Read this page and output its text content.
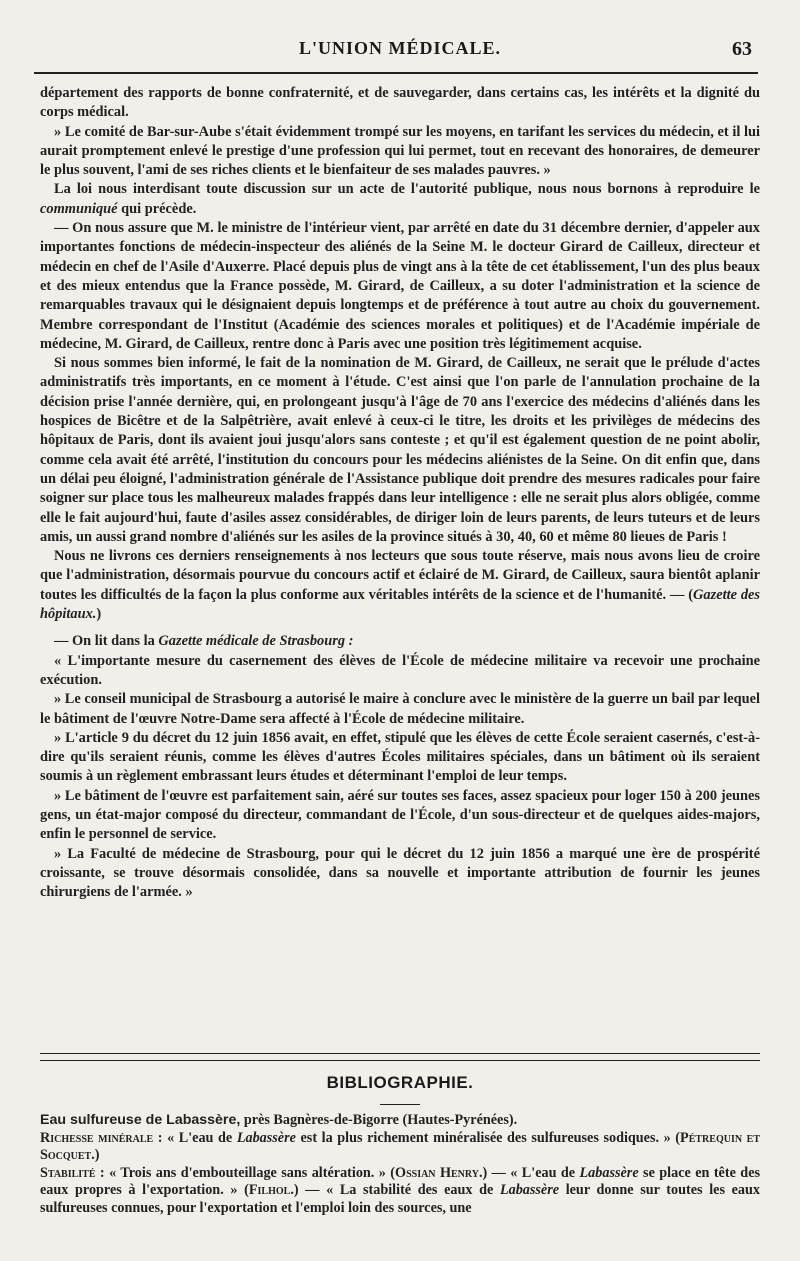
L'UNION MÉDICALE.	63

département des rapports de bonne confraternité, et de sauvegarder, dans certains cas, les intérêts et la dignité du corps médical.

» Le comité de Bar-sur-Aube s'était évidemment trompé sur les moyens, en tarifant les services du médecin, et il lui aurait promptement enlevé le prestige d'une profession qui lui permet, tout en recevant des honoraires, de demeurer le plus souvent, l'ami de ses riches clients et le bienfaiteur de ses malades pauvres. »

La loi nous interdisant toute discussion sur un acte de l'autorité publique, nous nous bornons à reproduire le communiqué qui précède.

— On nous assure que M. le ministre de l'intérieur vient, par arrêté en date du 31 décembre dernier, d'appeler aux importantes fonctions de médecin-inspecteur des aliénés de la Seine M. le docteur Girard de Cailleux, directeur et médecin en chef de l'Asile d'Auxerre. Placé depuis plus de vingt ans à la tête de cet établissement, l'un des plus beaux et des mieux entendus que la France possède, M. Girard, de Cailleux, a su doter l'administration et la science de remarquables travaux qui le désignaient depuis longtemps et de préférence à tout autre au choix du gouvernement. Membre correspondant de l'Institut (Académie des sciences morales et politiques) et de l'Académie impériale de médecine, M. Girard, de Cailleux, rentre donc à Paris avec une position très légitimement acquise.

Si nous sommes bien informé, le fait de la nomination de M. Girard, de Cailleux, ne serait que le prélude d'actes administratifs très importants, en ce moment à l'étude. C'est ainsi que l'on parle de l'annulation prochaine de la décision prise l'année dernière, qui, en prolongeant jusqu'à l'âge de 70 ans l'exercice des médecins d'aliénés dans les hospices de Bicêtre et de la Salpêtrière, avait enlevé à ceux-ci le titre, les droits et les privilèges de médecins des hôpitaux de Paris, dont ils avaient joui jusqu'alors sans conteste ; et qu'il est également question de ne point abolir, comme cela avait été arrêté, l'institution du concours pour les médecins aliénistes de la Seine. On dit enfin que, dans un délai peu éloigné, l'administration générale de l'Assistance publique doit prendre des mesures radicales pour faire soigner sur place tous les malheureux malades frappés dans leur intelligence : elle ne serait plus alors obligée, comme elle le fait aujourd'hui, faute d'asiles assez considérables, de diriger loin de leurs parents, de leurs tuteurs et de leurs amis, un aussi grand nombre d'aliénés sur les asiles de la province situés à 30, 40, 60 et même 80 lieues de Paris !

Nous ne livrons ces derniers renseignements à nos lecteurs que sous toute réserve, mais nous avons lieu de croire que l'administration, désormais pourvue du concours actif et éclairé de M. Girard, de Cailleux, saura bientôt aplanir toutes les difficultés de la façon la plus conforme aux véritables intérêts de la science et de l'humanité. — (Gazette des hôpitaux.)

— On lit dans la Gazette médicale de Strasbourg :

« L'importante mesure du casernement des élèves de l'École de médecine militaire va recevoir une prochaine exécution.

» Le conseil municipal de Strasbourg a autorisé le maire à conclure avec le ministère de la guerre un bail par lequel le bâtiment de l'œuvre Notre-Dame sera affecté à l'École de médecine militaire.

» L'article 9 du décret du 12 juin 1856 avait, en effet, stipulé que les élèves de cette École seraient casernés, c'est-à-dire qu'ils seraient réunis, comme les élèves d'autres Écoles militaires spéciales, dans un bâtiment où ils seraient soumis à un règlement embrassant leurs études et déterminant l'emploi de leur temps.

» Le bâtiment de l'œuvre est parfaitement sain, aéré sur toutes ses faces, assez spacieux pour loger 150 à 200 jeunes gens, un état-major composé du directeur, commandant de l'École, d'un sous-directeur et de quelques aides-majors, enfin le personnel de service.

» La Faculté de médecine de Strasbourg, pour qui le décret du 12 juin 1856 a marqué une ère de prospérité croissante, se trouve désormais consolidée, dans sa nouvelle et importante attribution de fournir les jeunes chirurgiens de l'armée. »

BIBLIOGRAPHIE.

Eau sulfureuse de Labassère, près Bagnères-de-Bigorre (Hautes-Pyrénées).

Richesse minérale : « L'eau de Labassère est la plus richement minéralisée des sulfureuses sodiques. » (Pétrequin et Socquet.)

Stabilité : « Trois ans d'embouteillage sans altération. » (Ossian Henry.) — « L'eau de Labassère se place en tête des eaux propres à l'exportation. » (Filhol.) — « La stabilité des eaux de Labassère leur donne sur toutes les eaux sulfureuses connues, pour l'exportation et l'emploi loin des sources, une
